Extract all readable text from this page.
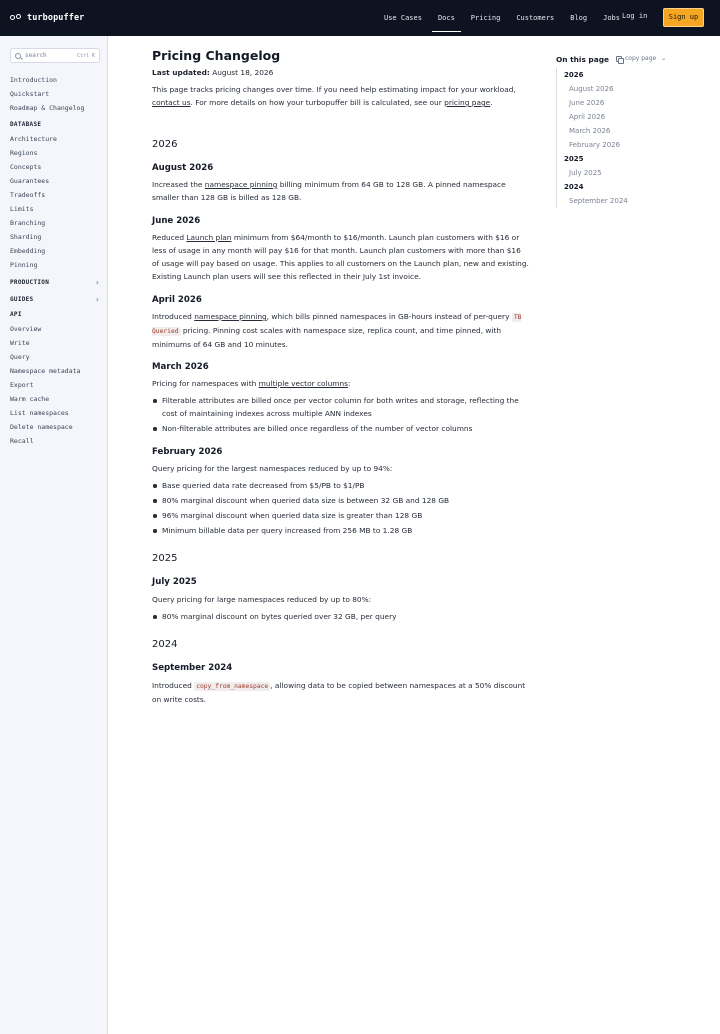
turbopuffer	Use Cases	Docs	Pricing	Customers	Blog	Jobs Log in	Sign up
search	Ctrl K
Introduction
Quickstart
Roadmap & Changelog
DATABASE
Architecture
Regions
Concepts
Guarantees
Tradeoffs
Limits
Branching
Sharding
Embedding
Pinning
PRODUCTION	›
GUIDES	›
API
Overview
Write
Query
Namespace metadata
Export
Warm cache
List namespaces
Delete namespace
Recall
Pricing Changelog
Last updated: August 18, 2026
This page tracks pricing changes over time. If you need help estimating impact for your workload, contact us. For more details on how your turbopuffer bill is calculated, see our pricing page.
2026
August 2026
Increased the namespace pinning billing minimum from 64 GB to 128 GB. A pinned namespace smaller than 128 GB is billed as 128 GB.
June 2026
Reduced Launch plan minimum from $64/month to $16/month. Launch plan customers with $16 or less of usage in any month will pay $16 for that month. Launch plan customers with more than $16 of usage will pay based on usage. This applies to all customers on the Launch plan, new and existing. Existing Launch plan users will see this reflected in their July 1st invoice.
April 2026
Introduced namespace pinning, which bills pinned namespaces in GB-hours instead of per-query TB Queried pricing. Pinning cost scales with namespace size, replica count, and time pinned, with minimums of 64 GB and 10 minutes.
March 2026
Pricing for namespaces with multiple vector columns:
Filterable attributes are billed once per vector column for both writes and storage, reflecting the cost of maintaining indexes across multiple ANN indexes
Non-filterable attributes are billed once regardless of the number of vector columns
February 2026
Query pricing for the largest namespaces reduced by up to 94%:
Base queried data rate decreased from $5/PB to $1/PB
80% marginal discount when queried data size is between 32 GB and 128 GB
96% marginal discount when queried data size is greater than 128 GB
Minimum billable data per query increased from 256 MB to 1.28 GB
2025
July 2025
Query pricing for large namespaces reduced by up to 80%:
80% marginal discount on bytes queried over 32 GB, per query
2024
September 2024
Introduced copy_from_namespace , allowing data to be copied between namespaces at a 50% discount on write costs.
On this page	copy page ⌄
2026
August 2026
June 2026
April 2026
March 2026
February 2026
2025
July 2025
2024
September 2024
